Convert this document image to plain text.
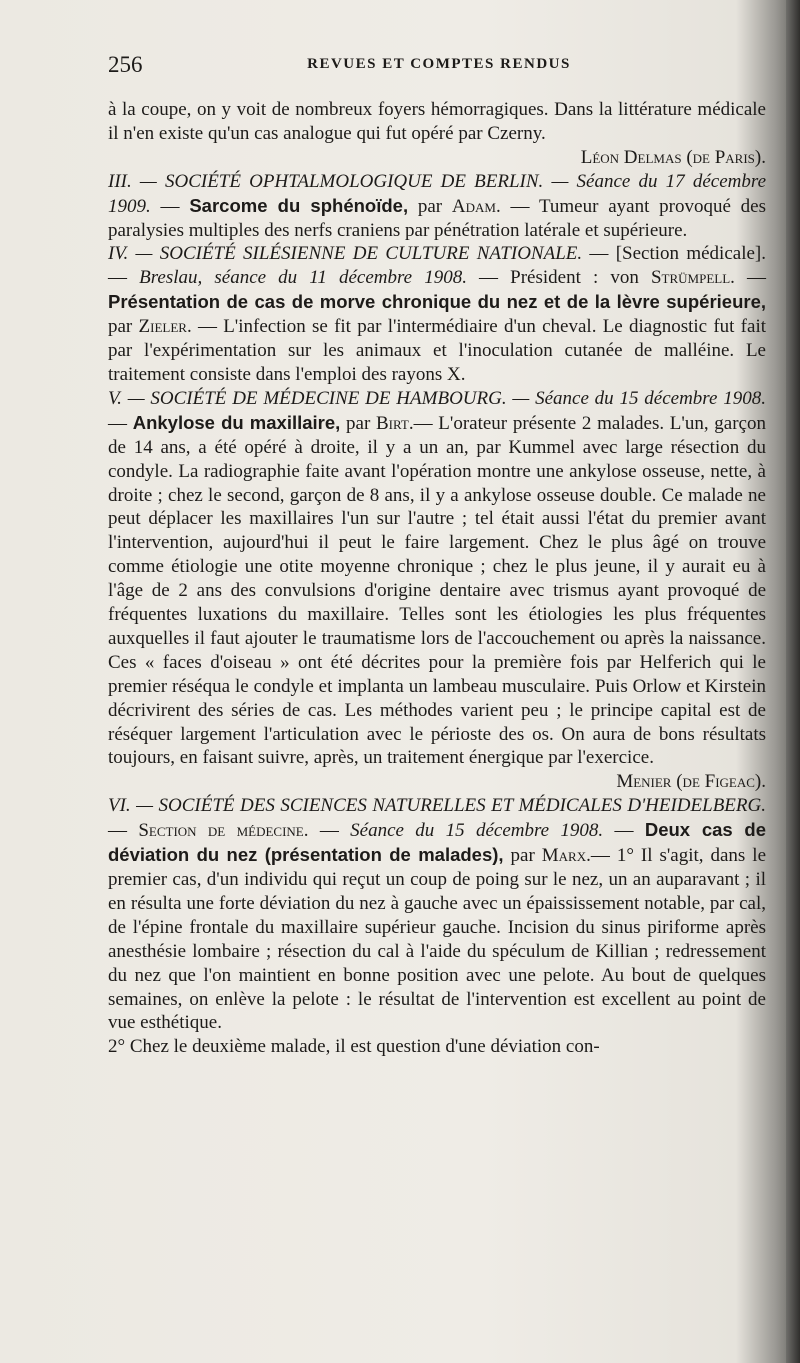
256	REVUES ET COMPTES RENDUS

à la coupe, on y voit de nombreux foyers hémorragiques. Dans la littérature médicale il n'en existe qu'un cas analogue qui fut opéré par Czerny.

Léon Delmas (de Paris).

III. — SOCIÉTÉ OPHTALMOLOGIQUE DE BERLIN. — Séance du 17 décembre 1909. — Sarcome du sphénoïde, par Adam. — Tumeur ayant provoqué des paralysies multiples des nerfs craniens par pénétration latérale et supérieure.

IV. — SOCIÉTÉ SILÉSIENNE DE CULTURE NATIONALE. — [Section médicale]. — Breslau, séance du 11 décembre 1908. — Président : von Strümpell. — Présentation de cas de morve chronique du nez et de la lèvre supérieure, par Zieler. — L'infection se fit par l'intermédiaire d'un cheval. Le diagnostic fut fait par l'expérimentation sur les animaux et l'inoculation cutanée de malléine. Le traitement consiste dans l'emploi des rayons X.

V. — SOCIÉTÉ DE MÉDECINE DE HAMBOURG. — Séance du 15 décembre 1908.— Ankylose du maxillaire, par Birt.— L'orateur présente 2 malades. L'un, garçon de 14 ans, a été opéré à droite, il y a un an, par Kummel avec large résection du condyle. La radiographie faite avant l'opération montre une ankylose osseuse, nette, à droite ; chez le second, garçon de 8 ans, il y a ankylose osseuse double. Ce malade ne peut déplacer les maxillaires l'un sur l'autre ; tel était aussi l'état du premier avant l'intervention, aujourd'hui il peut le faire largement. Chez le plus âgé on trouve comme étiologie une otite moyenne chronique ; chez le plus jeune, il y aurait eu à l'âge de 2 ans des convulsions d'origine dentaire avec trismus ayant provoqué de fréquentes luxations du maxillaire. Telles sont les étiologies les plus fréquentes auxquelles il faut ajouter le traumatisme lors de l'accouchement ou après la naissance. Ces « faces d'oiseau » ont été décrites pour la première fois par Helferich qui le premier réséqua le condyle et implanta un lambeau musculaire. Puis Orlow et Kirstein décrivirent des séries de cas. Les méthodes varient peu ; le principe capital est de réséquer largement l'articulation avec le périoste des os. On aura de bons résultats toujours, en faisant suivre, après, un traitement énergique par l'exercice.

Menier (de Figeac).

VI. — SOCIÉTÉ DES SCIENCES NATURELLES ET MÉDICALES D'HEIDELBERG. — Section de médecine. — Séance du 15 décembre 1908. — Deux cas de déviation du nez (présentation de malades), par Marx.— 1° Il s'agit, dans le premier cas, d'un individu qui reçut un coup de poing sur le nez, un an auparavant ; il en résulta une forte déviation du nez à gauche avec un épaississement notable, par cal, de l'épine frontale du maxillaire supérieur gauche. Incision du sinus piriforme après anesthésie lombaire ; résection du cal à l'aide du spéculum de Killian ; redressement du nez que l'on maintient en bonne position avec une pelote. Au bout de quelques semaines, on enlève la pelote : le résultat de l'intervention est excellent au point de vue esthétique.

2° Chez le deuxième malade, il est question d'une déviation con-
